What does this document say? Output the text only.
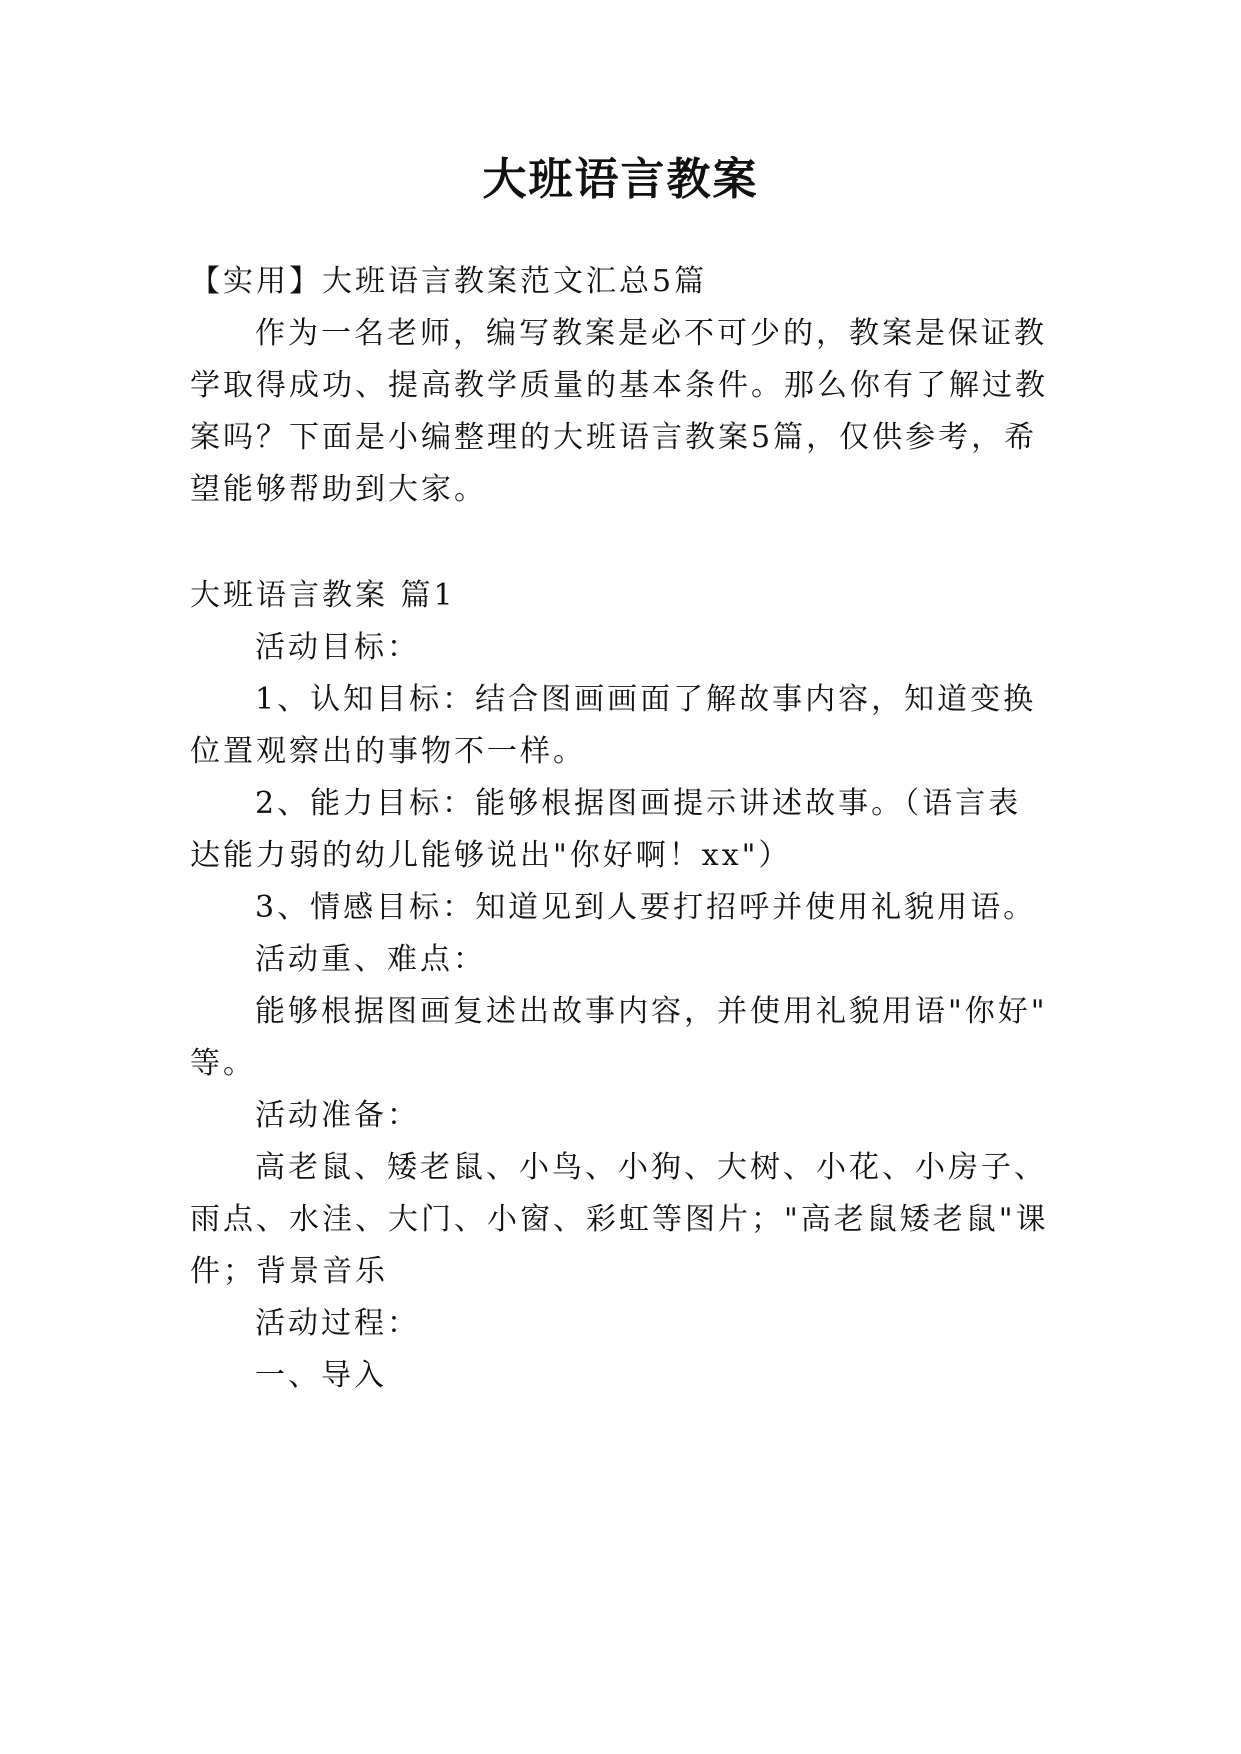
大班语言教案
【实用】大班语言教案范文汇总5篇
作为一名老师，编写教案是必不可少的，教案是保证教
学取得成功、提高教学质量的基本条件。那么你有了解过教
案吗？下面是小编整理的大班语言教案5篇，仅供参考，希
望能够帮助到大家。
大班语言教案 篇1
活动目标：
1、认知目标：结合图画画面了解故事内容，知道变换
位置观察出的事物不一样。
2、能力目标：能够根据图画提示讲述故事。（语言表
达能力弱的幼儿能够说出"你好啊！xx"）
3、情感目标：知道见到人要打招呼并使用礼貌用语。
活动重、难点：
能够根据图画复述出故事内容，并使用礼貌用语"你好"
等。
活动准备：
高老鼠、矮老鼠、小鸟、小狗、大树、小花、小房子、
雨点、水洼、大门、小窗、彩虹等图片；"高老鼠矮老鼠"课
件；背景音乐
活动过程：
一、导入
